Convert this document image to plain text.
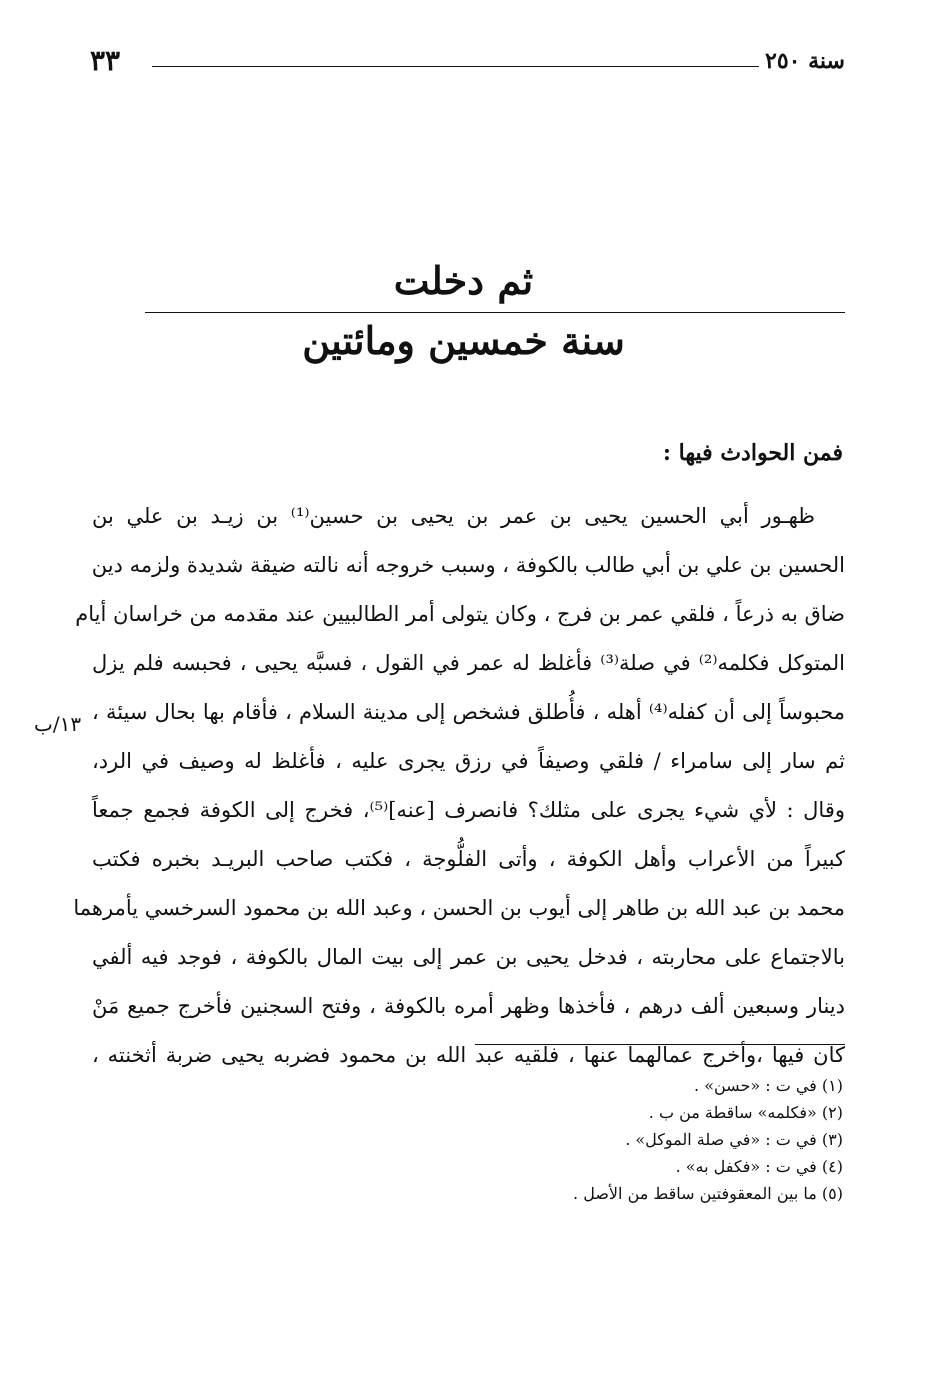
سنة ٢٥٠
٣٣
ثم دخلت
سنة خمسين ومائتين
فمن الحوادث فيها :
ظهـور أبي الحسين يحيى بن عمر بن يحيى بن حسين⁽¹⁾ بن زيـد بن علي بن
الحسين بن علي بن أبي طالب بالكوفة ، وسبب خروجه أنه نالته ضيقة شديدة ولزمه دين
ضاق به ذرعاً ، فلقي عمر بن فرج ، وكان يتولى أمر الطالبيين عند مقدمه من خراسان أيام
المتوكل فكلمه⁽²⁾ في صلة⁽³⁾ فأغلظ له عمر في القول ، فسبَّه يحيى ، فحبسه فلم يزل
محبوساً إلى أن كفله⁽⁴⁾ أهله ، فأُطلق فشخص إلى مدينة السلام ، فأقام بها بحال سيئة ،
ثم سار إلى سامراء / فلقي وصيفاً في رزق يجرى عليه ، فأغلظ له وصيف في الرد،
وقال : لأي شيء يجرى على مثلك؟ فانصرف [عنه]⁽⁵⁾، فخرج إلى الكوفة فجمع جمعاً
كبيراً من الأعراب وأهل الكوفة ، وأتى الفلُّوجة ، فكتب صاحب البريـد بخبره فكتب
محمد بن عبد الله بن طاهر إلى أيوب بن الحسن ، وعبد الله بن محمود السرخسي يأمرهما
بالاجتماع على محاربته ، فدخل يحيى بن عمر إلى بيت المال بالكوفة ، فوجد فيه ألفي
دينار وسبعين ألف درهم ، فأخذها وظهر أمره بالكوفة ، وفتح السجنين فأخرج جميع مَنْ
كان فيها ،وأخرج عمالهما عنها ، فلقيه عبد الله بن محمود فضربه يحيى ضربة أثخنته ،
١٣/ب
(١) في ت : «حسن» .
(٢) «فكلمه» ساقطة من ب .
(٣) في ت : «في صلة الموكل» .
(٤) في ت : «فكفل به» .
(٥) ما بين المعقوفتين ساقط من الأصل .
